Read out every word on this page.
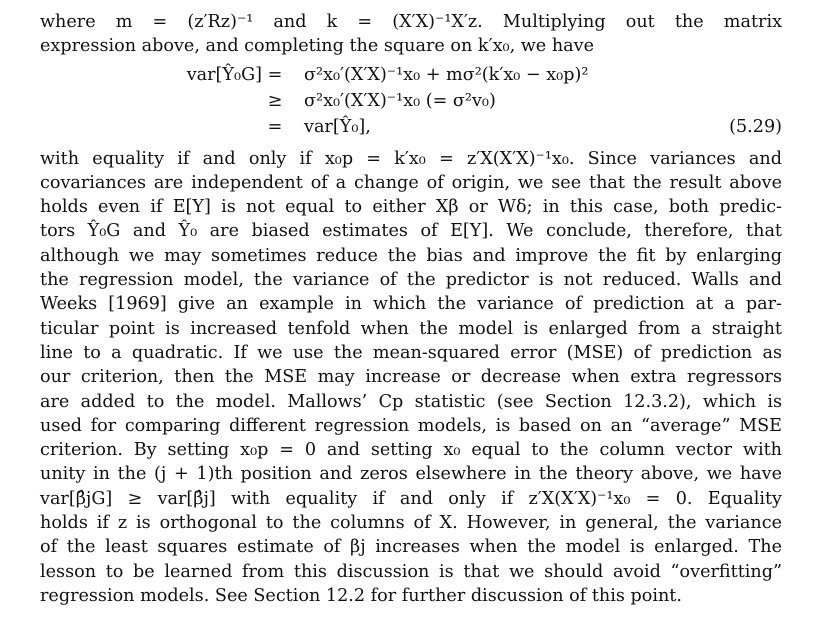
where m = (z′Rz)⁻¹ and k = (X′X)⁻¹X′z. Multiplying out the matrix
expression above, and completing the square on k′x₀, we have
var[Ŷ₀G] = σ²x₀′(X′X)⁻¹x₀ + mσ²(k′x₀ − x₀p)²
≥ σ²x₀′(X′X)⁻¹x₀ (= σ²v₀)
= var[Ŷ₀],	(5.29)
with equality if and only if x₀p = k′x₀ = z′X(X′X)⁻¹x₀. Since variances and
covariances are independent of a change of origin, we see that the result above
holds even if E[Y] is not equal to either Xβ or Wδ; in this case, both predic-
tors Ŷ₀G and Ŷ₀ are biased estimates of E[Y]. We conclude, therefore, that
although we may sometimes reduce the bias and improve the fit by enlarging
the regression model, the variance of the predictor is not reduced. Walls and
Weeks [1969] give an example in which the variance of prediction at a par-
ticular point is increased tenfold when the model is enlarged from a straight
line to a quadratic. If we use the mean-squared error (MSE) of prediction as
our criterion, then the MSE may increase or decrease when extra regressors
are added to the model. Mallows’ Cp statistic (see Section 12.3.2), which is
used for comparing different regression models, is based on an “average” MSE
criterion. By setting x₀p = 0 and setting x₀ equal to the column vector with
unity in the (j + 1)th position and zeros elsewhere in the theory above, we have
var[β̂jG] ≥ var[β̂j] with equality if and only if z′X(X′X)⁻¹x₀ = 0. Equality
holds if z is orthogonal to the columns of X. However, in general, the variance
of the least squares estimate of βj increases when the model is enlarged. The
lesson to be learned from this discussion is that we should avoid “overfitting”
regression models. See Section 12.2 for further discussion of this point.
